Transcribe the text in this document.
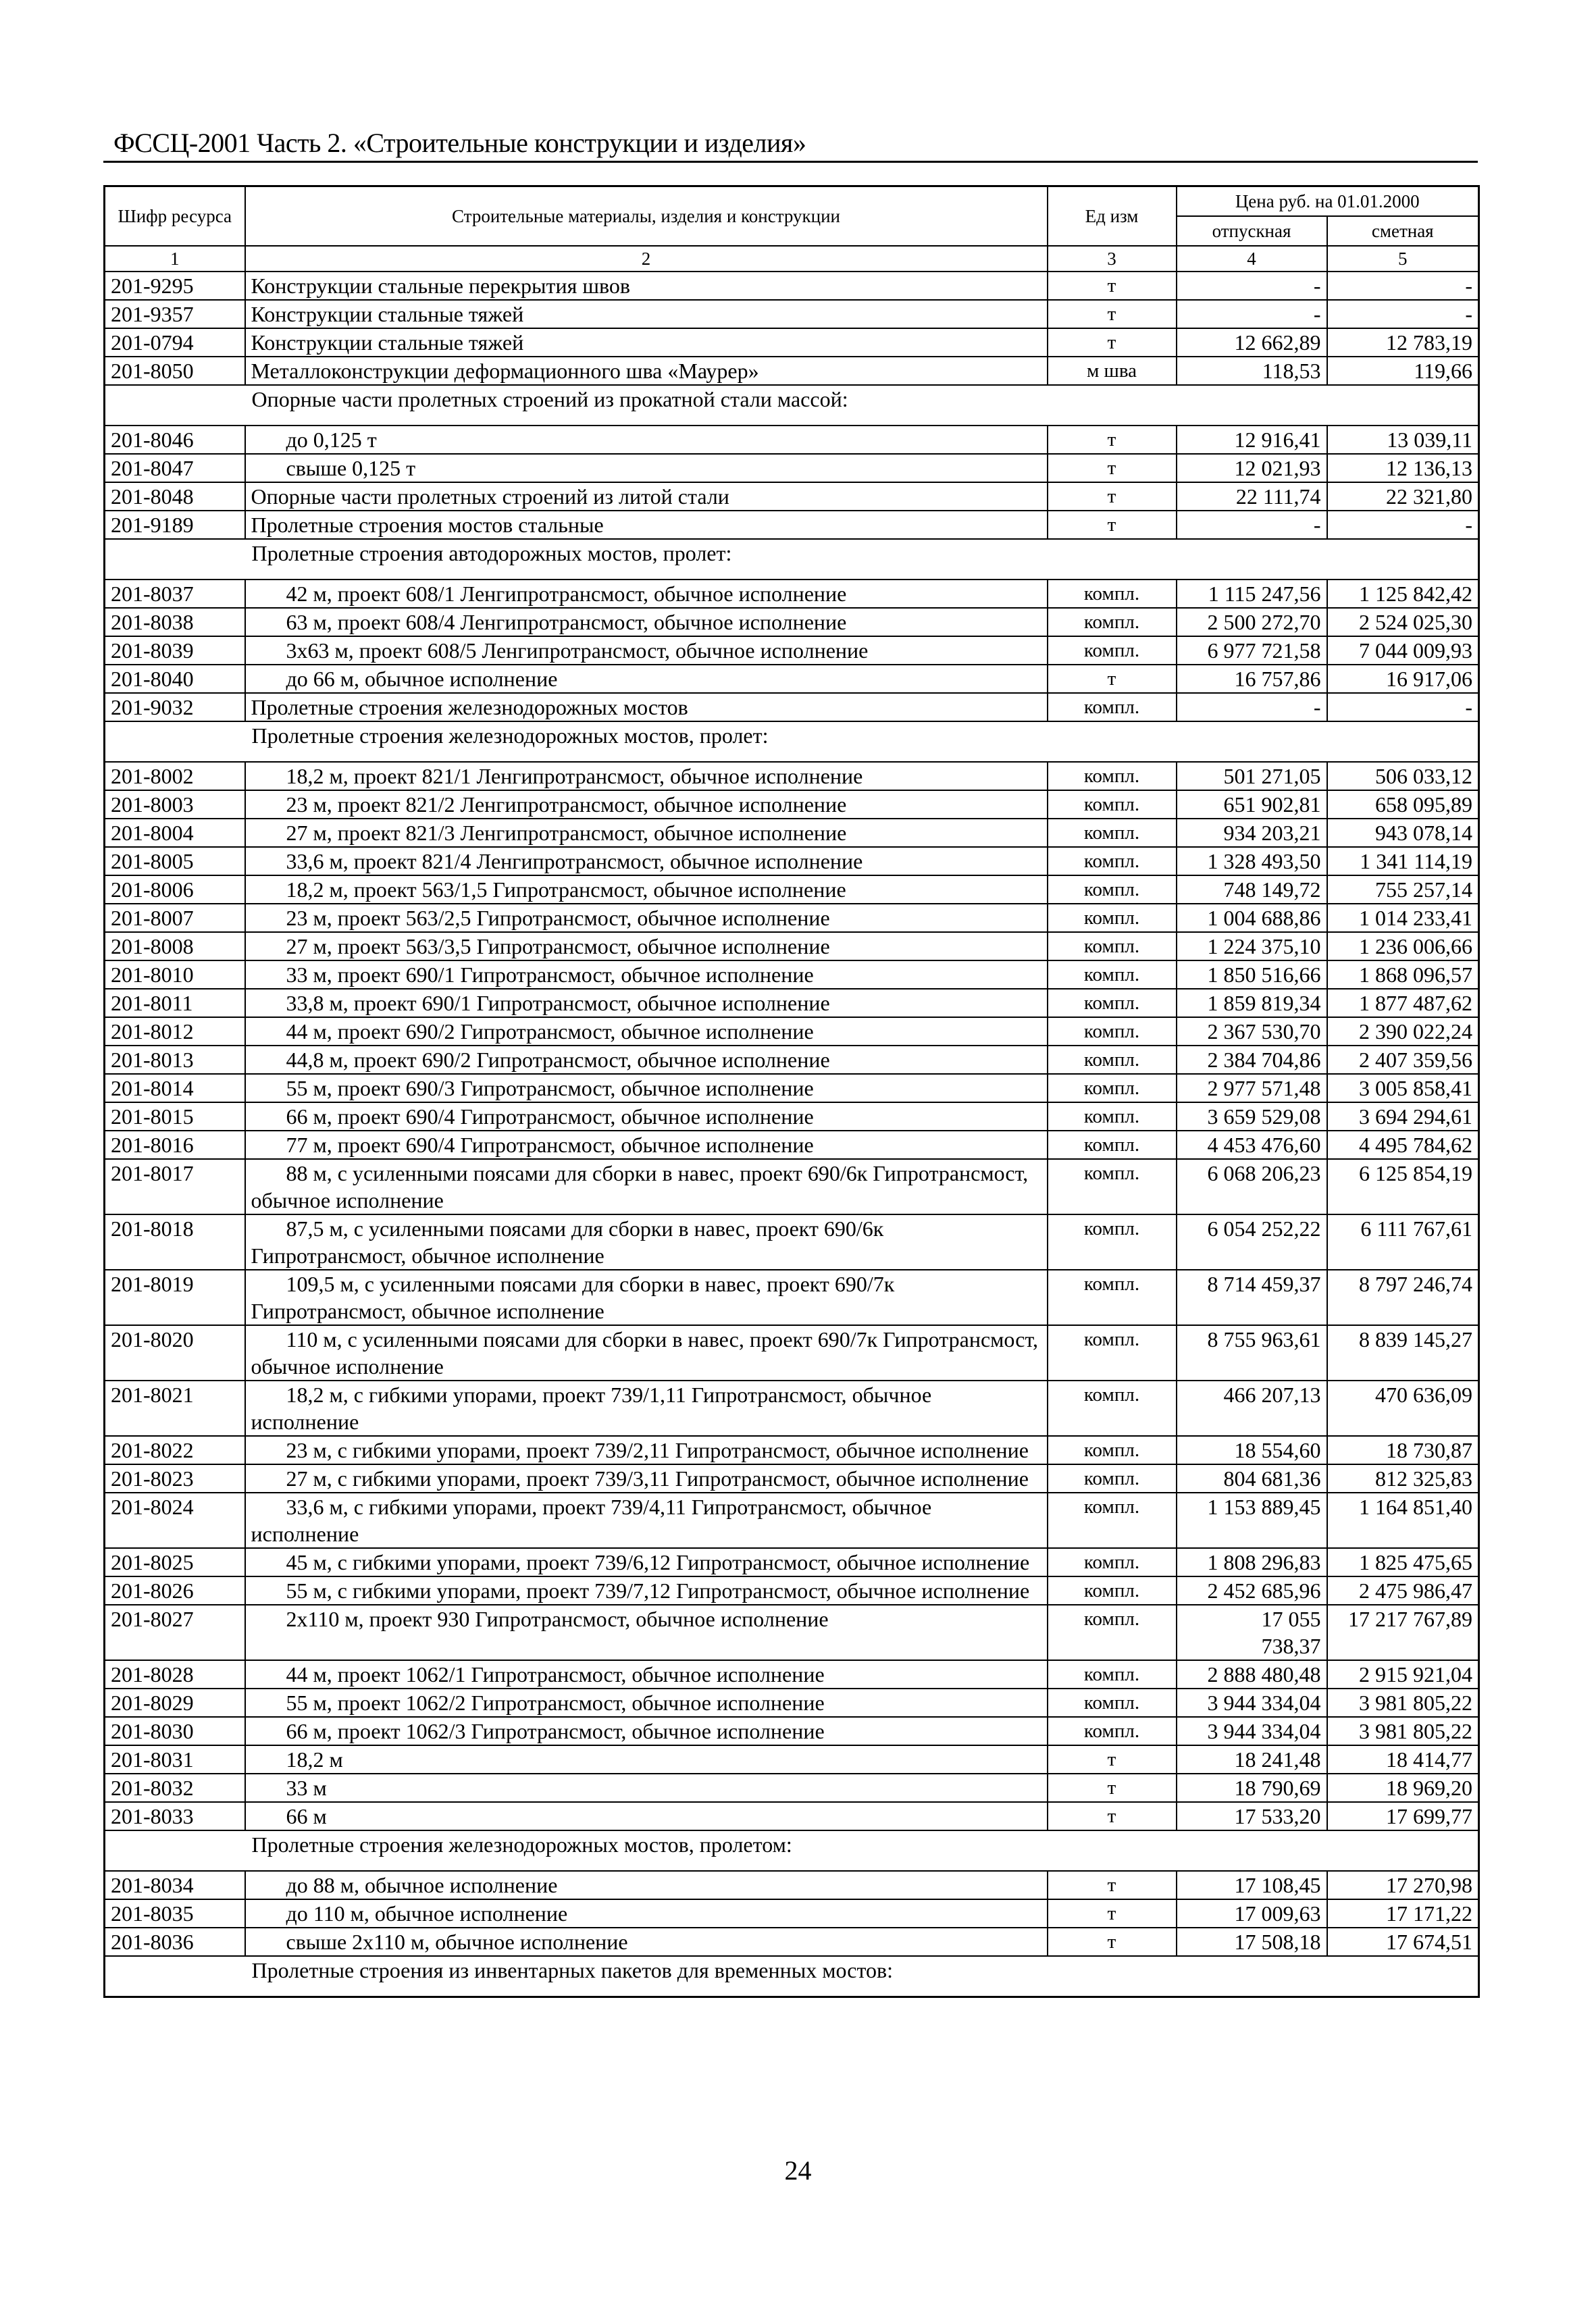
ФССЦ-2001 Часть 2. «Строительные конструкции и изделия»
Шифр ресурса	Строительные материалы, изделия и конструкции	Ед изм	Цена руб. на 01.01.2000	
			отпускная	сметная
1	2	3	4	5
201-9295	Конструкции стальные перекрытия швов	т	-	-
201-9357	Конструкции стальные тяжей	т	-	-
201-0794	Конструкции стальные тяжей	т	12 662,89	12 783,19
201-8050	Металлоконструкции деформационного шва «Маурер»	м шва	118,53	119,66
	Опорные части пролетных строений из прокатной стали массой:			
201-8046	до 0,125 т	т	12 916,41	13 039,11
201-8047	свыше 0,125 т	т	12 021,93	12 136,13
201-8048	Опорные части пролетных строений из литой стали	т	22 111,74	22 321,80
201-9189	Пролетные строения мостов стальные	т	-	-
	Пролетные строения автодорожных мостов, пролет:			
201-8037	42 м, проект 608/1 Ленгипротрансмост, обычное исполнение	компл.	1 115 247,56	1 125 842,42
201-8038	63 м, проект 608/4 Ленгипротрансмост, обычное исполнение	компл.	2 500 272,70	2 524 025,30
201-8039	3х63 м, проект 608/5 Ленгипротрансмост, обычное исполнение	компл.	6 977 721,58	7 044 009,93
201-8040	до 66 м, обычное исполнение	т	16 757,86	16 917,06
201-9032	Пролетные строения железнодорожных мостов	компл.	-	-
	Пролетные строения железнодорожных мостов, пролет:			
201-8002	18,2 м, проект 821/1 Ленгипротрансмост, обычное исполнение	компл.	501 271,05	506 033,12
201-8003	23 м, проект 821/2 Ленгипротрансмост, обычное исполнение	компл.	651 902,81	658 095,89
201-8004	27 м, проект 821/3 Ленгипротрансмост, обычное исполнение	компл.	934 203,21	943 078,14
201-8005	33,6 м, проект 821/4 Ленгипротрансмост, обычное исполнение	компл.	1 328 493,50	1 341 114,19
201-8006	18,2 м, проект 563/1,5 Гипротрансмост, обычное исполнение	компл.	748 149,72	755 257,14
201-8007	23 м, проект 563/2,5 Гипротрансмост, обычное исполнение	компл.	1 004 688,86	1 014 233,41
201-8008	27 м, проект 563/3,5 Гипротрансмост, обычное исполнение	компл.	1 224 375,10	1 236 006,66
201-8010	33 м, проект 690/1 Гипротрансмост, обычное исполнение	компл.	1 850 516,66	1 868 096,57
201-8011	33,8 м, проект 690/1 Гипротрансмост, обычное исполнение	компл.	1 859 819,34	1 877 487,62
201-8012	44 м, проект 690/2 Гипротрансмост, обычное исполнение	компл.	2 367 530,70	2 390 022,24
201-8013	44,8 м, проект 690/2 Гипротрансмост, обычное исполнение	компл.	2 384 704,86	2 407 359,56
201-8014	55 м, проект 690/3 Гипротрансмост, обычное исполнение	компл.	2 977 571,48	3 005 858,41
201-8015	66 м, проект 690/4 Гипротрансмост, обычное исполнение	компл.	3 659 529,08	3 694 294,61
201-8016	77 м, проект 690/4 Гипротрансмост, обычное исполнение	компл.	4 453 476,60	4 495 784,62
201-8017	88 м, с усиленными поясами для сборки в навес, проект 690/6к Гипротрансмост, обычное исполнение	компл.	6 068 206,23	6 125 854,19
201-8018	87,5 м, с усиленными поясами для сборки в навес, проект 690/6к Гипротрансмост, обычное исполнение	компл.	6 054 252,22	6 111 767,61
201-8019	109,5 м, с усиленными поясами для сборки в навес, проект 690/7к Гипротрансмост, обычное исполнение	компл.	8 714 459,37	8 797 246,74
201-8020	110 м, с усиленными поясами для сборки в навес, проект 690/7к Гипротрансмост, обычное исполнение	компл.	8 755 963,61	8 839 145,27
201-8021	18,2 м, с гибкими упорами, проект 739/1,11 Гипротрансмост, обычное исполнение	компл.	466 207,13	470 636,09
201-8022	23 м, с гибкими упорами, проект 739/2,11 Гипротрансмост, обычное исполнение	компл.	18 554,60	18 730,87
201-8023	27 м, с гибкими упорами, проект 739/3,11 Гипротрансмост, обычное исполнение	компл.	804 681,36	812 325,83
201-8024	33,6 м, с гибкими упорами, проект 739/4,11 Гипротрансмост, обычное исполнение	компл.	1 153 889,45	1 164 851,40
201-8025	45 м, с гибкими упорами, проект 739/6,12 Гипротрансмост, обычное исполнение	компл.	1 808 296,83	1 825 475,65
201-8026	55 м, с гибкими упорами, проект 739/7,12 Гипротрансмост, обычное исполнение	компл.	2 452 685,96	2 475 986,47
201-8027	2х110 м, проект 930 Гипротрансмост, обычное исполнение	компл.	17 055 738,37	17 217 767,89
201-8028	44 м, проект 1062/1 Гипротрансмост, обычное исполнение	компл.	2 888 480,48	2 915 921,04
201-8029	55 м, проект 1062/2 Гипротрансмост, обычное исполнение	компл.	3 944 334,04	3 981 805,22
201-8030	66 м, проект 1062/3 Гипротрансмост, обычное исполнение	компл.	3 944 334,04	3 981 805,22
201-8031	18,2 м	т	18 241,48	18 414,77
201-8032	33 м	т	18 790,69	18 969,20
201-8033	66 м	т	17 533,20	17 699,77
	Пролетные строения железнодорожных мостов, пролетом:			
201-8034	до 88 м, обычное исполнение	т	17 108,45	17 270,98
201-8035	до 110 м, обычное исполнение	т	17 009,63	17 171,22
201-8036	свыше 2х110 м, обычное исполнение	т	17 508,18	17 674,51
	Пролетные строения из инвентарных пакетов для временных мостов:			
24
